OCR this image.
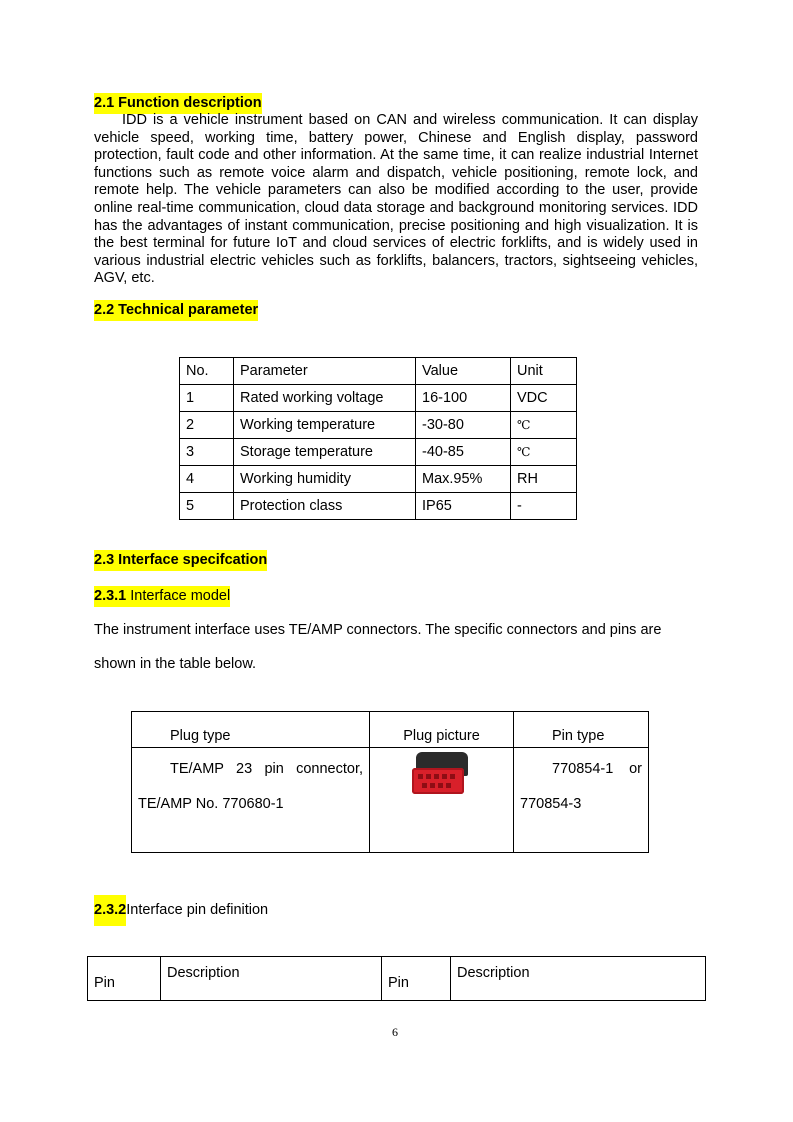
2.1 Function description
IDD is a vehicle instrument based on CAN and wireless communication. It can display vehicle speed, working time, battery power, Chinese and English display, password protection, fault code and other information. At the same time, it can realize industrial Internet functions such as remote voice alarm and dispatch, vehicle positioning, remote lock, and remote help. The vehicle parameters can also be modified according to the user, provide online real-time communication, cloud data storage and background monitoring services. IDD has the advantages of instant communication, precise positioning and high visualization. It is the best terminal for future IoT and cloud services of electric forklifts, and is widely used in various industrial electric vehicles such as forklifts, balancers, tractors, sightseeing vehicles, AGV, etc.
2.2 Technical parameter
No.	Parameter	Value	Unit
1	Rated working voltage	16-100	VDC
2	Working temperature	-30-80	℃
3	Storage temperature	-40-85	℃
4	Working humidity	Max.95%	RH
5	Protection class	IP65	-
2.3 Interface specifcation
2.3.1 Interface model
The instrument interface uses TE/AMP connectors. The specific connectors and pins are
shown in the table below.
Plug type	Plug picture	Pin type
TE/AMP 23 pin connector, TE/AMP No. 770680-1		770854-1 or 770854-3
2.3.2Interface pin definition
Pin	Description	Pin	Description
6
